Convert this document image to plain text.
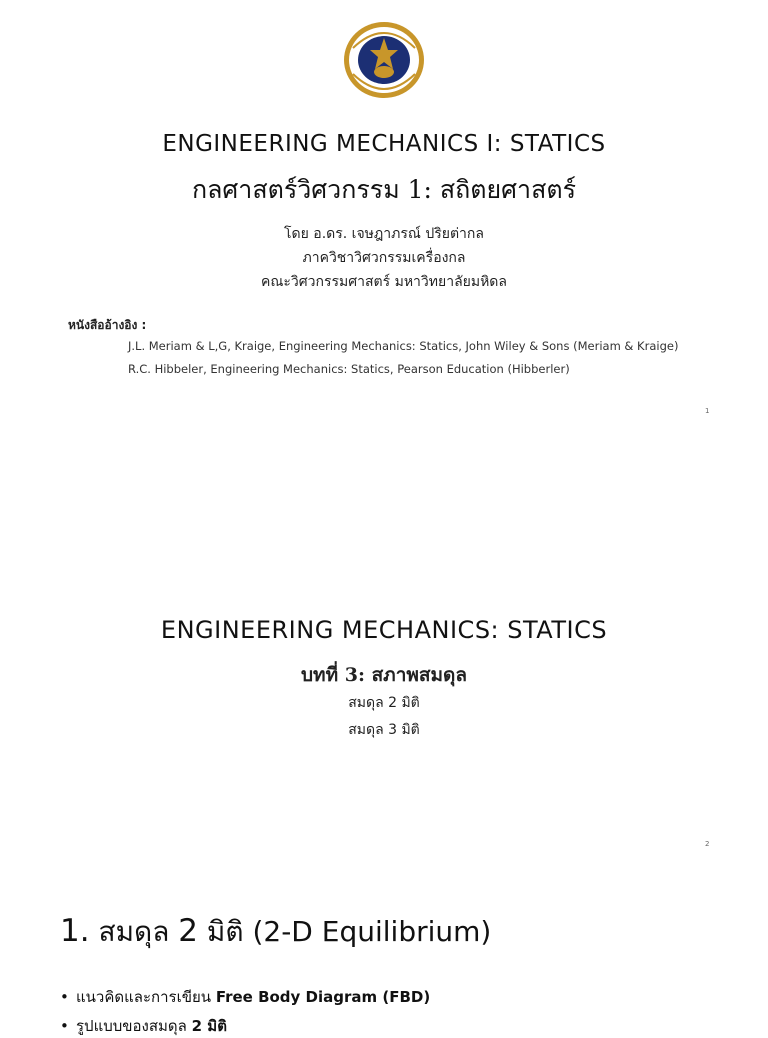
ENGINEERING MECHANICS I: STATICS
กลศาสตร์วิศวกรรม 1: สถิตยศาสตร์
โดย อ.ดร. เจษฎาภรณ์ ปริยต่ากล
ภาควิชาวิศวกรรมเครื่องกล
คณะวิศวกรรมศาสตร์ มหาวิทยาลัยมหิดล
หนังสืออ้างอิง :
J.L. Meriam & L,G, Kraige, Engineering Mechanics: Statics, John Wiley & Sons (Meriam & Kraige)
R.C. Hibbeler, Engineering Mechanics: Statics, Pearson Education (Hibberler)
1
ENGINEERING MECHANICS: STATICS
บทที่ 3: สภาพสมดุล
สมดุล 2 มิติ
สมดุล 3 มิติ
2
1. สมดุล 2 มิติ (2-D Equilibrium)
• แนวคิดและการเขียน Free Body Diagram (FBD)
• รูปแบบของสมดุล 2 มิติ
